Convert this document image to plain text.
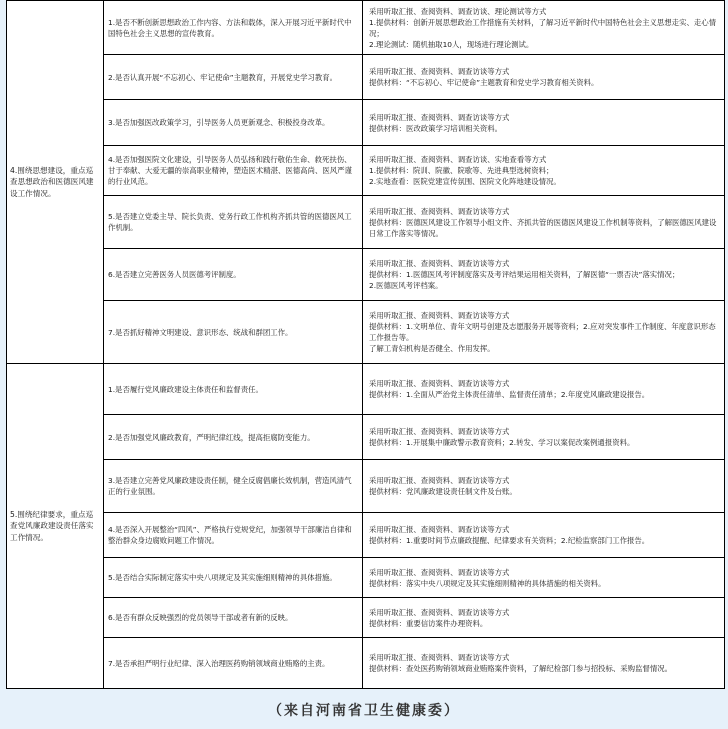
4.围绕思想建设，重点巡查思想政治和医德医风建设工作情况。	1.是否不断创新思想政治工作内容、方法和载体，深入开展习近平新时代中国特色社会主义思想的宣传教育。	采用听取汇报、查阅资料、调查访谈、理论测试等方式
1.提供材料：创新开展思想政治工作措施有关材料，了解习近平新时代中国特色社会主义思想走实、走心情况；
2.理论测试：随机抽取10人，现场进行理论测试。

	2.是否认真开展“不忘初心、牢记使命”主题教育，开展党史学习教育。	采用听取汇报、查阅资料、调查访谈等方式
提供材料：“不忘初心、牢记使命”主题教育和党史学习教育相关资料。

	3.是否加强医改政策学习，引导医务人员更新观念、积极投身改革。	采用听取汇报、查阅资料、调查访谈等方式
提供材料：医改政策学习培训相关资料。

	4.是否加强医院文化建设，引导医务人员弘扬和践行敬佑生命、救死扶伤、甘于奉献、大爱无疆的崇高职业精神，塑造医术精湛、医德高尚、医风严谨的行业风范。	采用听取汇报、查阅资料、调查访谈、实地查看等方式
1.提供材料：院训、院徽、院歌等、先进典型选树资料；
2.实地查看：医院党建宣传氛围、医院文化阵地建设情况。

	5.是否建立党委主导、院长负责、党务行政工作机构齐抓共管的医德医风工作机制。	采用听取汇报、查阅资料、调查访谈等方式
提供材料：医德医风建设工作领导小组文件、齐抓共管的医德医风建设工作机制等资料，了解医德医风建设日常工作落实等情况。

	6.是否建立完善医务人员医德考评制度。	采用听取汇报、查阅资料、调查访谈等方式
提供材料：1.医德医风考评制度落实及考评结果运用相关资料，了解医德“一票否决”落实情况；
2.医德医风考评档案。

	7.是否抓好精神文明建设、意识形态、统战和群团工作。	采用听取汇报、查阅资料、调查访谈等方式
提供材料：1.文明单位、青年文明号创建及志愿服务开展等资料；2.应对突发事件工作制度、年度意识形态工作报告等。
了解工青妇机构是否健全、作用发挥。

5.围绕纪律要求，重点巡查党风廉政建设责任落实工作情况。	1.是否履行党风廉政建设主体责任和监督责任。	采用听取汇报、查阅资料、调查访谈等方式
提供材料：1.全面从严治党主体责任清单、监督责任清单；2.年度党风廉政建设报告。

	2.是否加强党风廉政教育，严明纪律红线，提高拒腐防变能力。	采用听取汇报、查阅资料、调查访谈等方式
提供材料：1.开展集中廉政警示教育资料；2.转发、学习以案促改案例通报资料。

	3.是否建立完善党风廉政建设责任制，健全反腐倡廉长效机制，营造风清气正的行业氛围。	采用听取汇报、查阅资料、调查访谈等方式
提供材料：党风廉政建设责任制文件及台账。

	4.是否深入开展整治“四风”、严格执行党规党纪，加强领导干部廉洁自律和整治群众身边腐败问题工作情况。	采用听取汇报、查阅资料、调查访谈等方式
提供材料：1.重要时间节点廉政提醒、纪律要求有关资料；2.纪检监察部门工作报告。

	5.是否结合实际制定落实中央八项规定及其实施细则精神的具体措施。	采用听取汇报、查阅资料、调查访谈等方式
提供材料：落实中央八项规定及其实施细则精神的具体措施的相关资料。

	6.是否有群众反映强烈的党员领导干部或者有新的反映。	采用听取汇报、查阅资料、调查访谈等方式
提供材料：重要信访案件办理资料。

	7.是否承担严明行业纪律、深入治理医药购销领域商业贿赂的主责。	采用听取汇报、查阅资料、调查访谈等方式
提供材料：查处医药购销领域商业贿赂案件资料，了解纪检部门参与招投标、采购监督情况。
（来自河南省卫生健康委）
